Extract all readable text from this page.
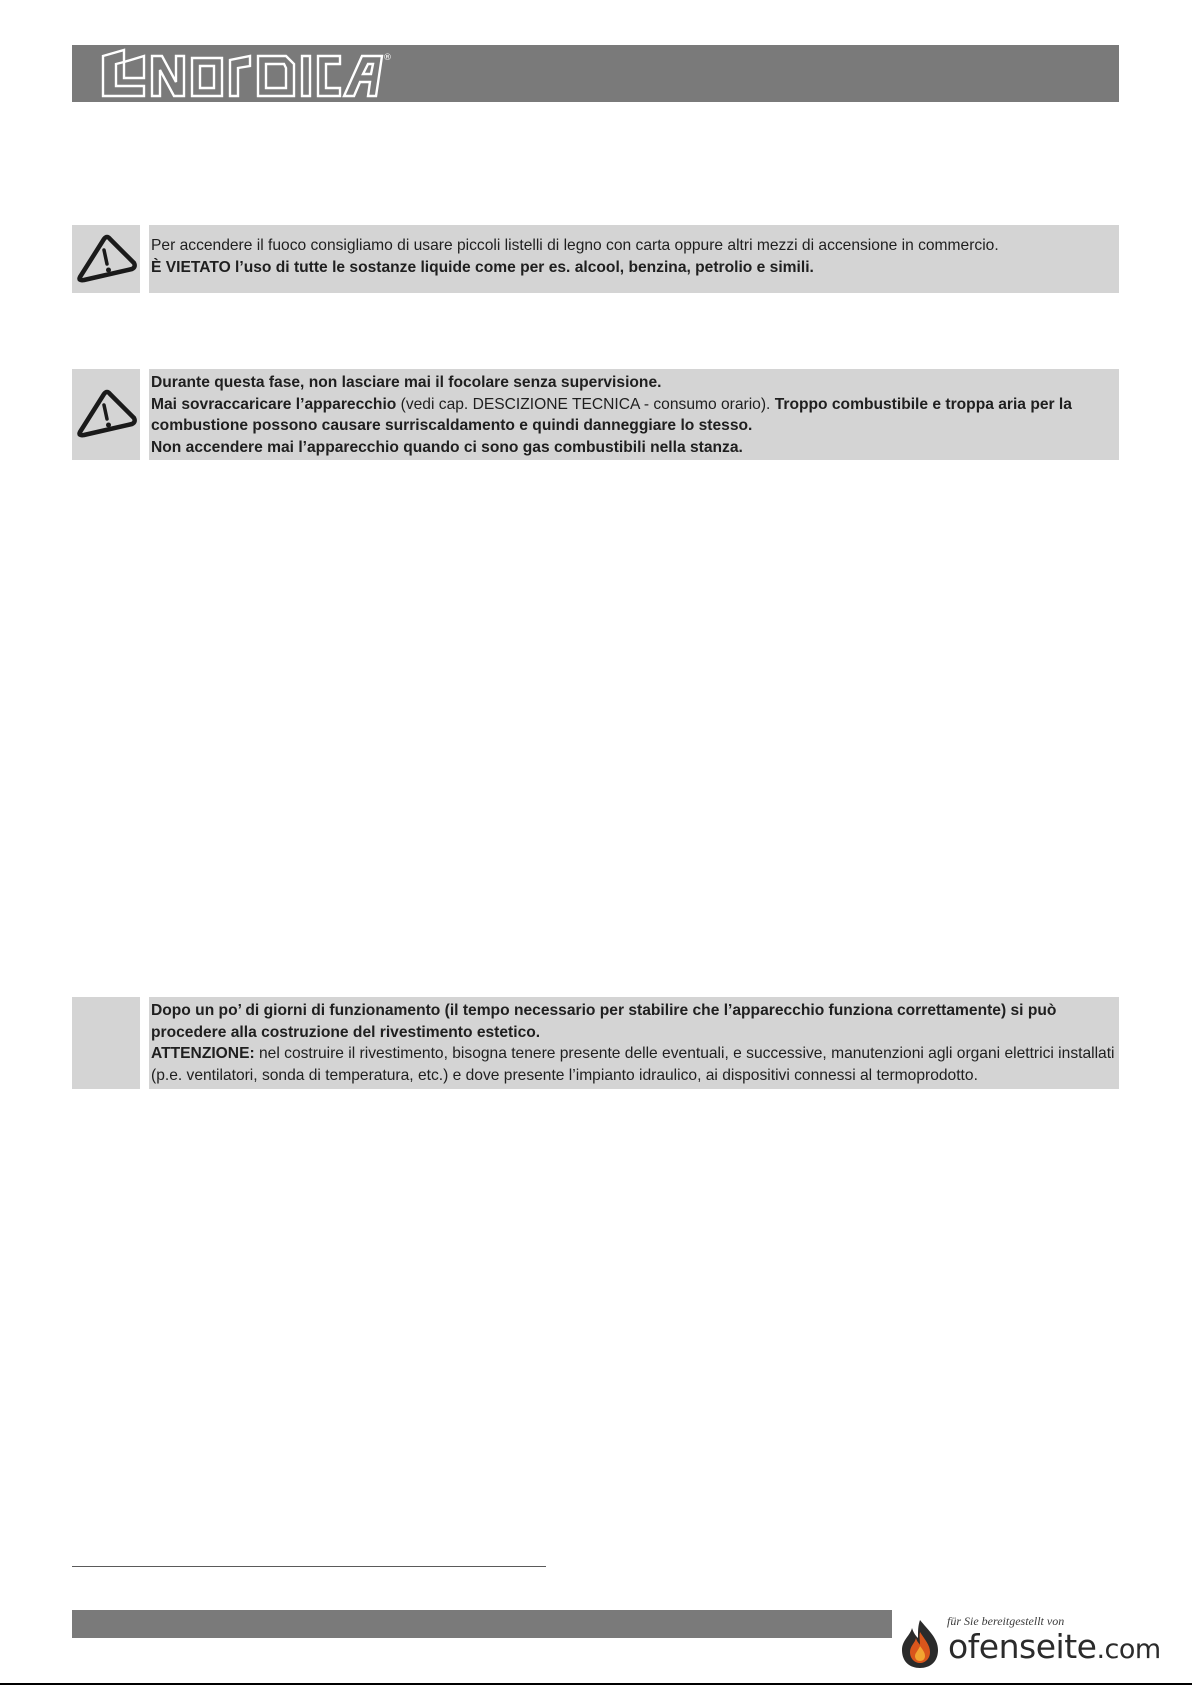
®

Per accendere il fuoco consigliamo di usare piccoli listelli di legno con carta oppure altri mezzi di accensione in commercio.

È VIETATO l’uso di tutte le sostanze liquide come per es. alcool, benzina, petrolio e simili.

Durante questa fase, non lasciare mai il focolare senza supervisione.

Mai sovraccaricare l’apparecchio (vedi cap. DESCIZIONE TECNICA - consumo orario). Troppo combustibile e troppa aria per la combustione possono causare surriscaldamento e quindi danneggiare lo stesso.

Non accendere mai l’apparecchio quando ci sono gas combustibili nella stanza.

Dopo un po’ di giorni di funzionamento (il tempo necessario per stabilire che l’apparecchio funziona correttamente) si può procedere alla costruzione del rivestimento estetico.

ATTENZIONE: nel costruire il rivestimento, bisogna tenere presente delle eventuali, e successive, manutenzioni agli organi elettrici installati (p.e. ventilatori, sonda di temperatura, etc.) e dove presente l’impianto idraulico, ai dispositivi connessi al termoprodotto.

für Sie bereitgestellt von
ofenseite.com
